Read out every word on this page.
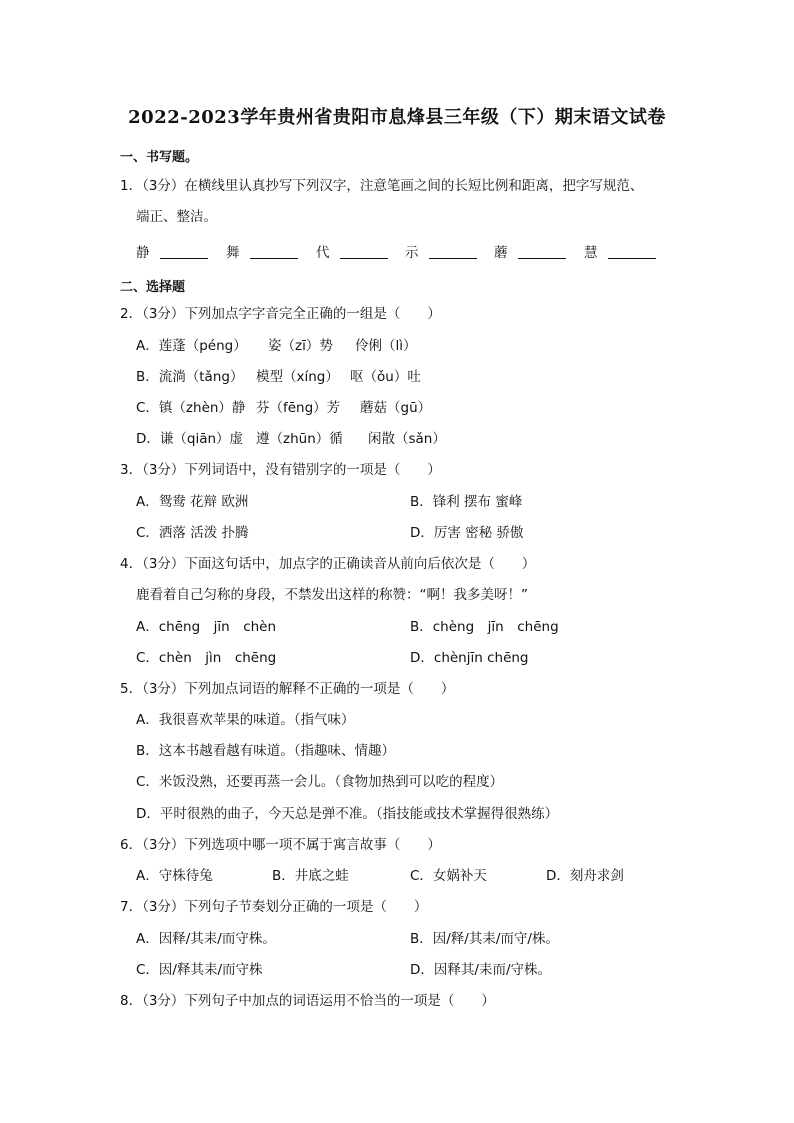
2022-2023学年贵州省贵阳市息烽县三年级（下）期末语文试卷
一、书写题。
1．（3分）在横线里认真抄写下列汉字，注意笔画之间的长短比例和距离，把字写规范、
端正、整洁。
静	舞	代	示	蘑	慧
二、选择题
2．（3分）下列加点字字音完全正确的一组是（　　）
A．莲蓬（péng） 姿（zī）势 伶俐（lì）
B．流淌（tǎng） 模型（xíng） 呕（ǒu）吐
C．镇（zhèn）静 芬（fēng）芳 蘑菇（gū）
D．谦（qiān）虚 遵（zhūn）循 闲散（sǎn）
3．（3分）下列词语中，没有错别字的一项是（　　）
A．鸳鸯 花辩 欧洲	B．锋利 摆布 蜜峰
C．洒落 活泼 扑腾	D．厉害 密秘 骄傲
4．（3分）下面这句话中，加点字的正确读音从前向后依次是（　　）
鹿看着自己匀称的身段，不禁发出这样的称赞：“啊！我多美呀！”
A．chēng　jīn　chèn	B．chèng　jīn　chēng
C．chèn　jìn　chēng	D．chènjīn chēng
5．（3分）下列加点词语的解释不正确的一项是（　　）
A．我很喜欢苹果的味道。（指气味）
B．这本书越看越有味道。（指趣味、情趣）
C．米饭没熟，还要再蒸一会儿。（食物加热到可以吃的程度）
D．平时很熟的曲子，今天总是弹不准。（指技能或技术掌握得很熟练）
6．（3分）下列选项中哪一项不属于寓言故事（　　）
A．守株待兔	B．井底之蛙	C．女娲补天	D．刻舟求剑
7．（3分）下列句子节奏划分正确的一项是（　　）
A．因释/其耒/而守株。	B．因/释/其耒/而守/株。
C．因/释其耒/而守株	D．因释其/耒而/守株。
8．（3分）下列句子中加点的词语运用不恰当的一项是（　　）
